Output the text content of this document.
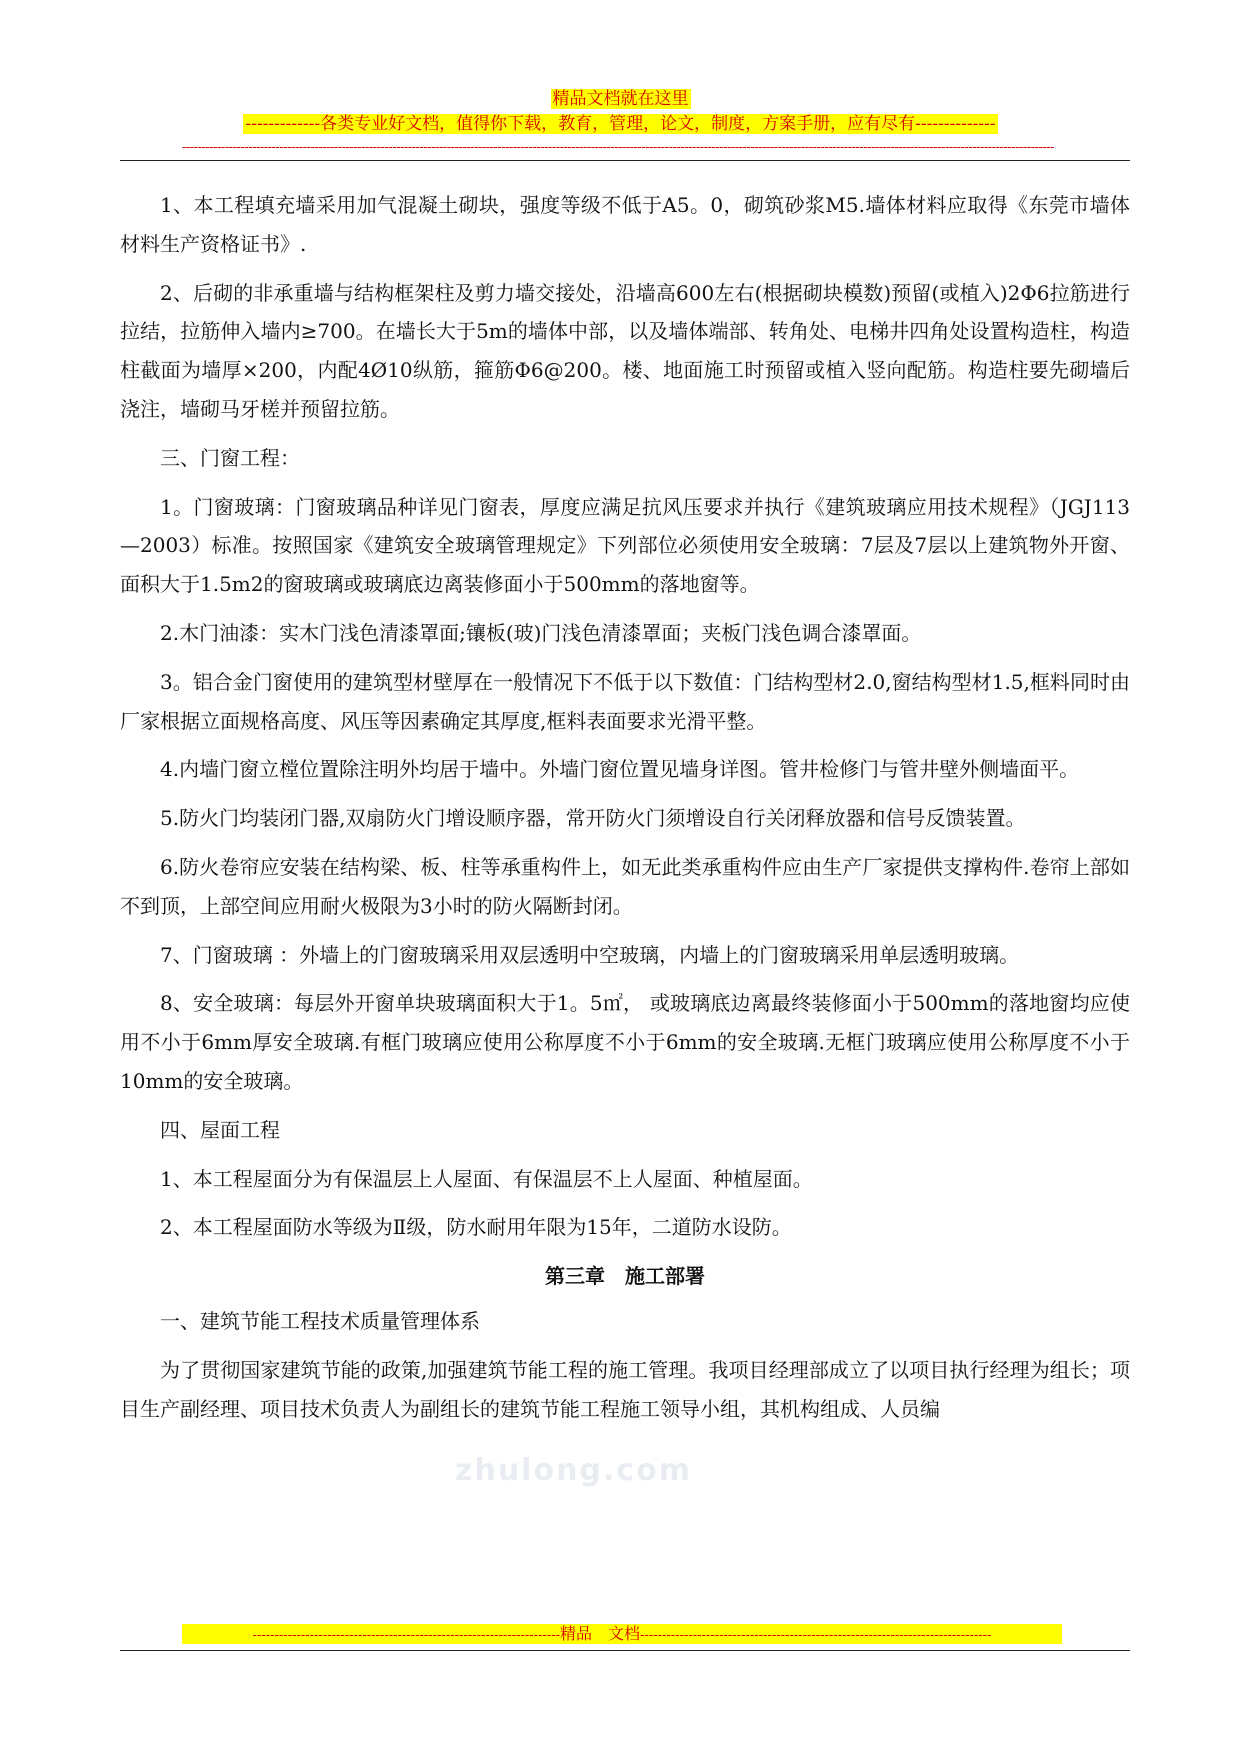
精品文档就在这里
-------------各类专业好文档，值得你下载，教育，管理，论文，制度，方案手册，应有尽有--------------
--------------------------------------------------------------------------------------------------------------------------------------------------------------------------------------------------------------------------------

1、本工程填充墙采用加气混凝土砌块，强度等级不低于A5。0，砌筑砂浆M5.墙体材料应取得《东莞市墙体材料生产资格证书》.

2、后砌的非承重墙与结构框架柱及剪力墙交接处，沿墙高600左右(根据砌块模数)预留(或植入)2Φ6拉筋进行拉结，拉筋伸入墙内≥700。在墙长大于5m的墙体中部，以及墙体端部、转角处、电梯井四角处设置构造柱，构造柱截面为墙厚×200，内配4Ø10纵筋，箍筋Φ6@200。楼、地面施工时预留或植入竖向配筋。构造柱要先砌墙后浇注，墙砌马牙槎并预留拉筋。

三、门窗工程：

1。门窗玻璃：门窗玻璃品种详见门窗表，厚度应满足抗风压要求并执行《建筑玻璃应用技术规程》（JGJ113—2003）标准。按照国家《建筑安全玻璃管理规定》下列部位必须使用安全玻璃：7层及7层以上建筑物外开窗、面积大于1.5m2的窗玻璃或玻璃底边离装修面小于500mm的落地窗等。

2.木门油漆：实木门浅色清漆罩面;镶板(玻)门浅色清漆罩面；夹板门浅色调合漆罩面。

3。铝合金门窗使用的建筑型材壁厚在一般情况下不低于以下数值：门结构型材2.0,窗结构型材1.5,框料同时由厂家根据立面规格高度、风压等因素确定其厚度,框料表面要求光滑平整。

4.内墙门窗立樘位置除注明外均居于墙中。外墙门窗位置见墙身详图。管井检修门与管井壁外侧墙面平。

5.防火门均装闭门器,双扇防火门增设顺序器，常开防火门须增设自行关闭释放器和信号反馈装置。

6.防火卷帘应安装在结构梁、板、柱等承重构件上，如无此类承重构件应由生产厂家提供支撑构件.卷帘上部如不到顶，上部空间应用耐火极限为3小时的防火隔断封闭。

7、门窗玻璃 ：外墙上的门窗玻璃采用双层透明中空玻璃，内墙上的门窗玻璃采用单层透明玻璃。

8、安全玻璃：每层外开窗单块玻璃面积大于1。5㎡， 或玻璃底边离最终装修面小于500mm的落地窗均应使用不小于6mm厚安全玻璃.有框门玻璃应使用公称厚度不小于6mm的安全玻璃.无框门玻璃应使用公称厚度不小于10mm的安全玻璃。

四、屋面工程

1、本工程屋面分为有保温层上人屋面、有保温层不上人屋面、种植屋面。

2、本工程屋面防水等级为Ⅱ级，防水耐用年限为15年，二道防水设防。

第三章　施工部署

一、建筑节能工程技术质量管理体系

为了贯彻国家建筑节能的政策,加强建筑节能工程的施工管理。我项目经理部成立了以项目执行经理为组长；项目生产副经理、项目技术负责人为副组长的建筑节能工程施工领导小组，其机构组成、人员编

zhulong.com
----------------------------------------------------------------------精品　文档--------------------------------------------------------------------------------
